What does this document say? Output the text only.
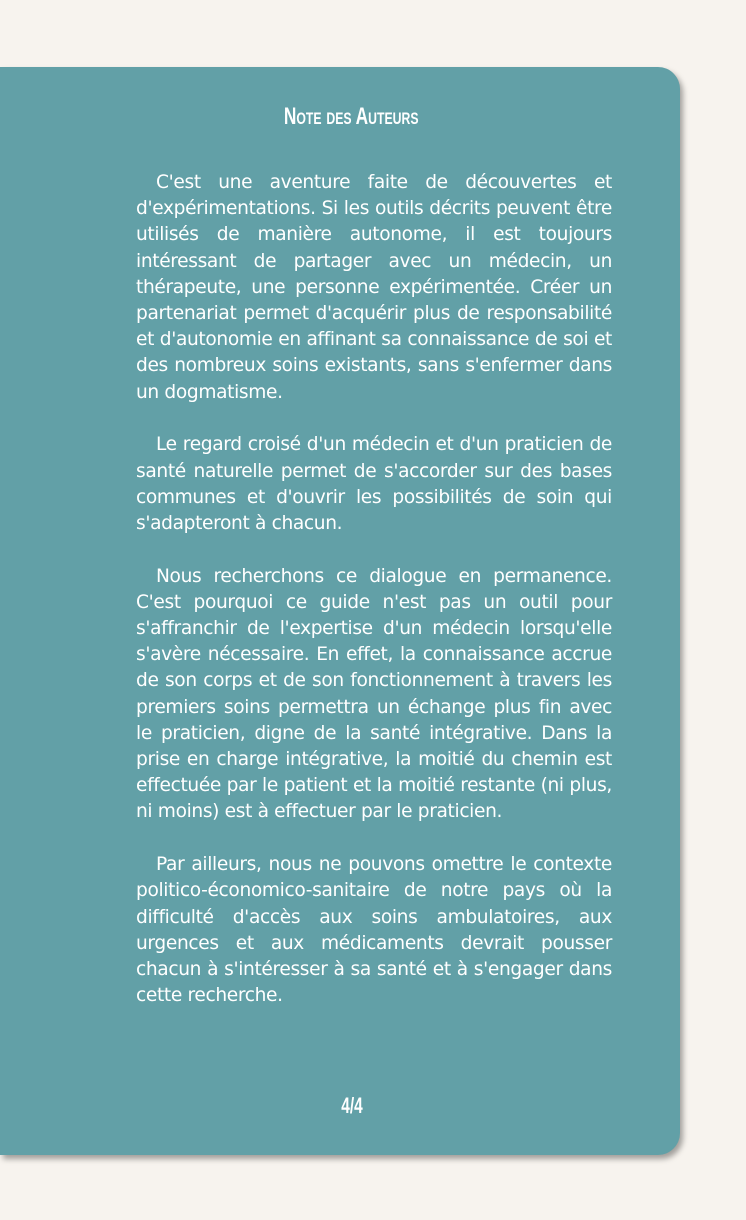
Note des Auteurs

C'est une aventure faite de découvertes et d'expérimentations. Si les outils décrits peuvent être utilisés de manière autonome, il est toujours intéressant de partager avec un médecin, un thérapeute, une personne expérimentée. Créer un partenariat permet d'acquérir plus de responsabilité et d'autonomie en affinant sa connaissance de soi et des nombreux soins existants, sans s'enfermer dans un dogmatisme.

Le regard croisé d'un médecin et d'un praticien de santé naturelle permet de s'accorder sur des bases communes et d'ouvrir les possibilités de soin qui s'adapteront à chacun.

Nous recherchons ce dialogue en permanence. C'est pourquoi ce guide n'est pas un outil pour s'affranchir de l'expertise d'un médecin lorsqu'elle s'avère nécessaire. En effet, la connaissance accrue de son corps et de son fonctionnement à travers les premiers soins permettra un échange plus fin avec le praticien, digne de la santé intégrative. Dans la prise en charge intégrative, la moitié du chemin est effectuée par le patient et la moitié restante (ni plus, ni moins) est à effectuer par le praticien.

Par ailleurs, nous ne pouvons omettre le contexte politico-économico-sanitaire de notre pays où la difficulté d'accès aux soins ambulatoires, aux urgences et aux médicaments devrait pousser chacun à s'intéresser à sa santé et à s'engager dans cette recherche.

4/4
